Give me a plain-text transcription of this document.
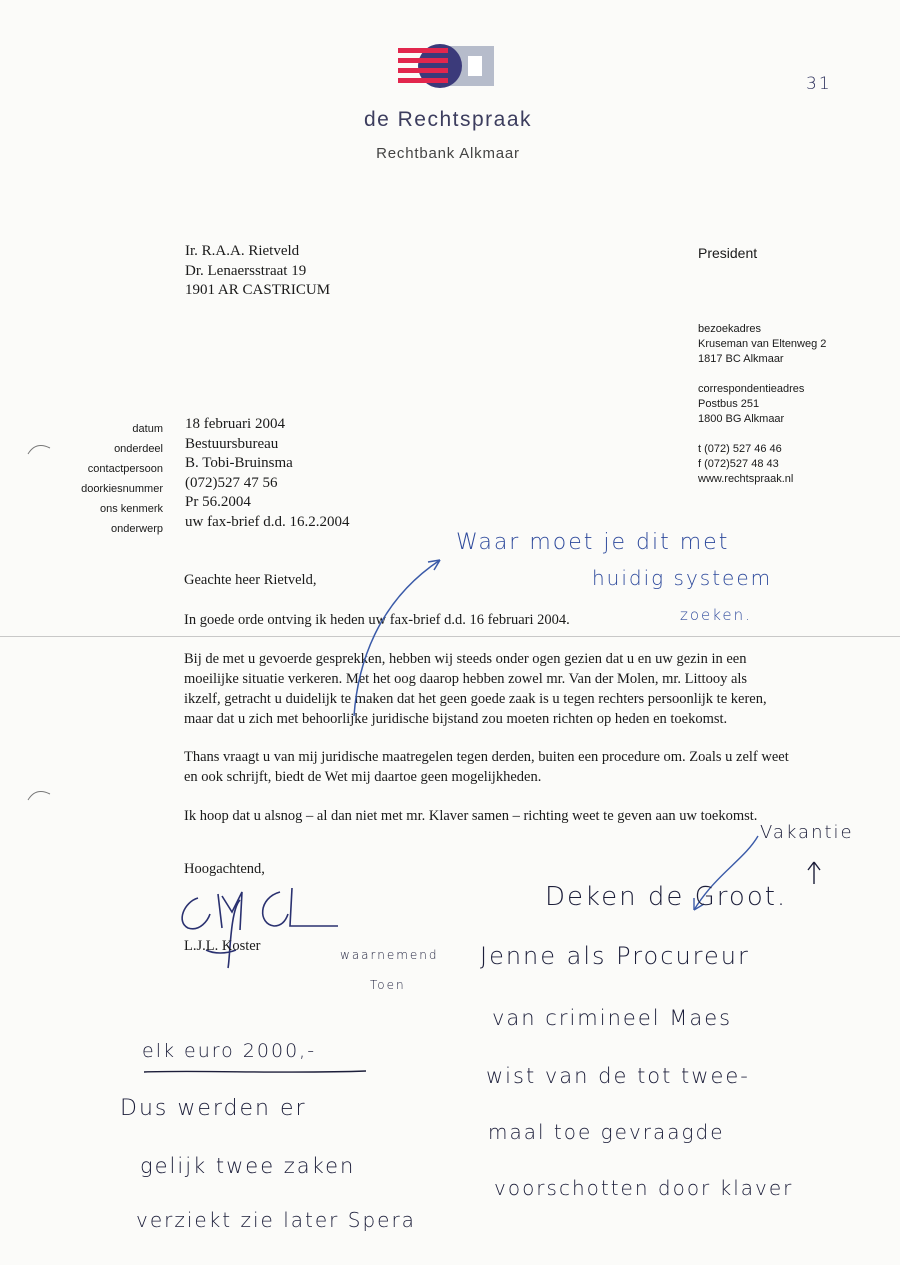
de Rechtspraak
Rechtbank Alkmaar
31
Ir. R.A.A. Rietveld
Dr. Lenaersstraat 19
1901 AR CASTRICUM
President
bezoekadres
Kruseman van Eltenweg 2
1817 BC Alkmaar
correspondentieadres
Postbus 251
1800 BG Alkmaar
t (072) 527 46 46
f (072)527 48 43
www.rechtspraak.nl
datum
onderdeel
contactpersoon
doorkiesnummer
ons kenmerk
onderwerp
18 februari 2004
Bestuursbureau
B. Tobi-Bruinsma
(072)527 47 56
Pr 56.2004
uw fax-brief d.d. 16.2.2004
Geachte heer Rietveld,
In goede orde ontving ik heden uw fax-brief d.d. 16 februari 2004.
Bij de met u gevoerde gesprekken, hebben wij steeds onder ogen gezien dat u en uw gezin in een
moeilijke situatie verkeren. Met het oog daarop hebben zowel mr. Van der Molen, mr. Littooy als
ikzelf, getracht u duidelijk te maken dat het geen goede zaak is u tegen rechters persoonlijk te keren,
maar dat u zich met behoorlijke juridische bijstand zou moeten richten op heden en toekomst.
Thans vraagt u van mij juridische maatregelen tegen derden, buiten een procedure om. Zoals u zelf weet
en ook schrijft, biedt de Wet mij daartoe geen mogelijkheden.
Ik hoop dat u alsnog – al dan niet met mr. Klaver samen – richting weet te geven aan uw toekomst.
Hoogachtend,
L.J.L. Koster
Waar moet je dit met
huidig systeem
zoeken.
Vakantie
Deken de Groot.
waarnemend
Toen
Jenne als Procureur
van crimineel Maes
wist van de tot twee-
maal toe gevraagde
voorschotten door klaver
elk euro 2000,-
Dus werden er
gelijk twee zaken
verziekt zie later Spera
